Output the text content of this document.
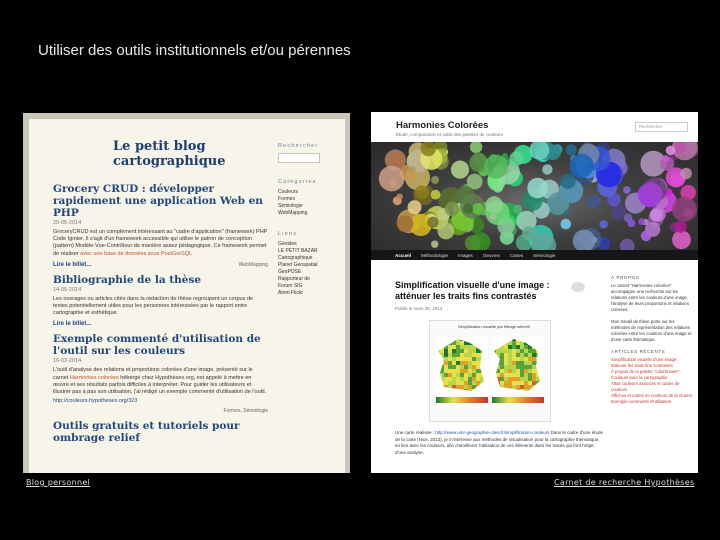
Utiliser des outils institutionnels et/ou pérennes
Le petit blog cartographique
Grocery CRUD : développer rapidement une application Web en PHP
25-05-2014
GroceryCRUD est un complément intéressant au "cadre d'application" (framework) PHP Code Igniter. Il s'agit d'un framework accessible qui utilise le patron de conception (pattern) Modèle-Vue-Contrôleur de manière assez pédagogique. Ce framework permet de réaliser avec une base de données sous PostGreSQL
Lire le billet...	WebMapping
Bibliographie de la thèse
14-05-2014
Les ouvrages ou articles cités dans la rédaction de thèse regroupent un corpus de textes potentiellement utiles pour les personnes intéressées par le rapport entre cartographie et esthétique.
Lire le billet...
Exemple commenté d'utilisation de l'outil sur les couleurs
16-03-2014
L'outil d'analyse des relations et proportions colorées d'une image, présenté sur le carnet Harmonies colorées hébergé chez Hypothèses.org, est appelé à mettre en œuvre et ses résultats parfois difficiles à interpréter. Pour guider les utilisateurs et illustrer pas à pas son utilisation, j'ai rédigé un exemple commenté d'utilisation de l'outil.
http://couleurs.hypotheses.org/323
Formes, Sémiologie
Outils gratuits et tutoriels pour ombrage relief
Rechercher
Catégories
Couleurs
Formes
Sémiologie
WebMapping
Liens
Géoides
LE PETIT BAZAR
Cartographique
Planet Geospatial
GeoPOSE
Rapporteur de
Forum SIG
Atom Flickr
Harmonies Colorées
Étude, comparaison et outils des palettes de couleurs
Rechercher
Accueil Méthodologie Images Oeuvres Cartes Sémiologie
Simplification visuelle d'une image : atténuer les traits fins contrastés
Publié le mars 26, 2014
Simplification visuelle par filtrage sélectif
Une carte réalisée : http://www.umr-geographie-cites.fr/simplification-couleurs Dans le cadre d'une étude de la carte (Nice, 2013), je m'intéresse aux méthodes de visualisation pour la cartographie thématique, en lien avec les couleurs, afin d'améliorer l'utilisation de ces éléments dans les tracés qui font l'objet d'une analyse.
À PROPOS
Le carnet "Harmonies colorées" accompagne une recherche sur les relations entre les couleurs d'une image, l'analyse de leurs proportions et relations colorées.
Mon travail de thèse porte sur les méthodes de représentation des relations colorées entre les couleurs d'une image et d'une carte thématique.
ARTICLES RÉCENTS
Simplification visuelle d'une image : atténuer les traits fins contrastés
À propos de la palette "colorbrewer" : Couleurs pour la cartographie
Atlas couleurs associés et cartes de couleurs
Affiches et cartes en couleurs de la Guerre
Exemple commenté d'utilisation
Blog personnel	Carnet de recherche Hypothèses
